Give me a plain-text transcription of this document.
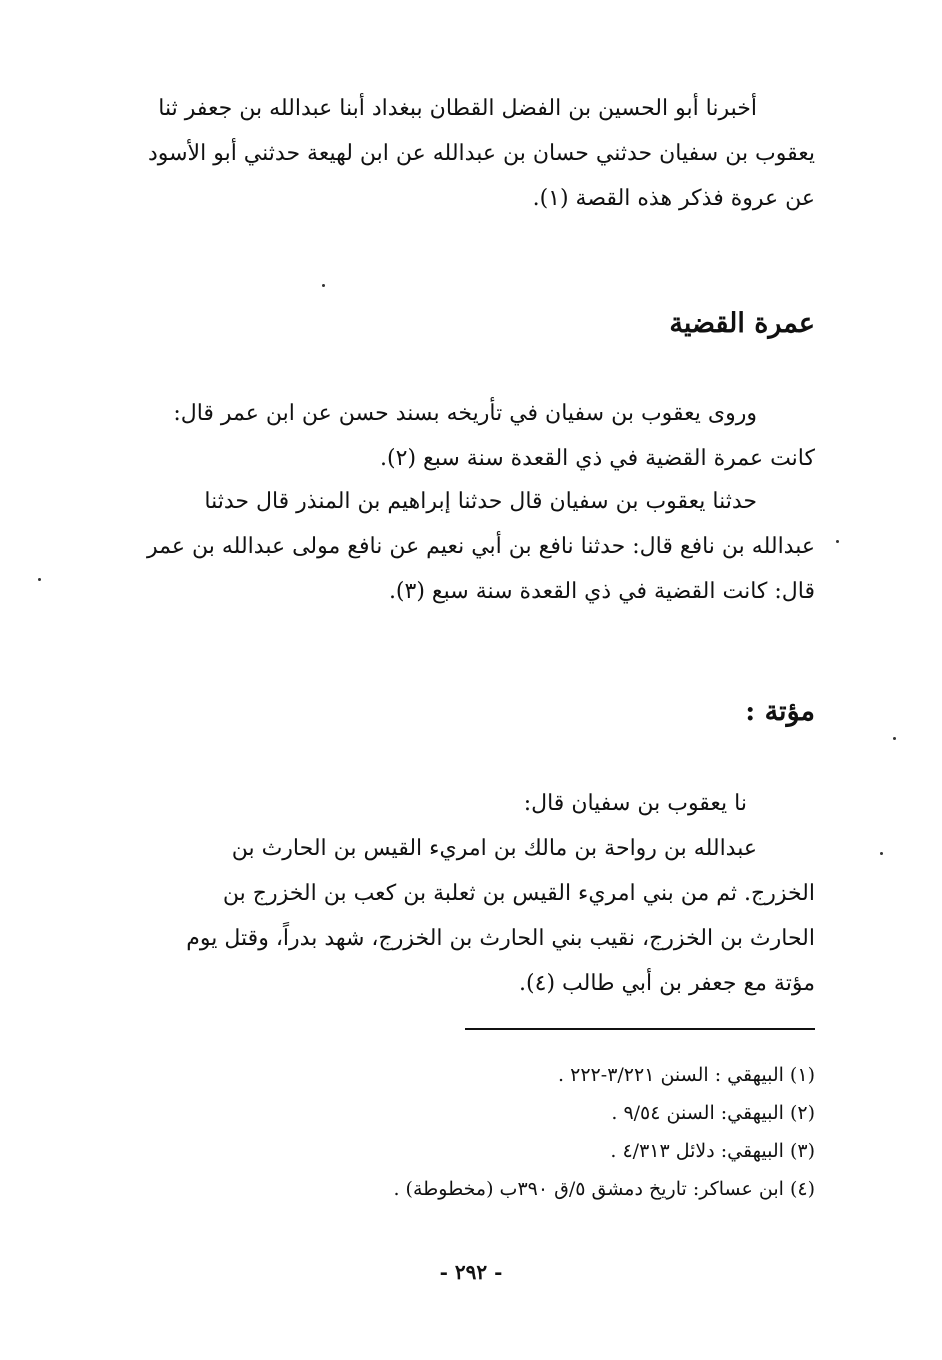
أخبرنا أبو الحسين بن الفضل القطان ببغداد أبنا عبدالله بن جعفر ثنا
يعقوب بن سفيان حدثني حسان بن عبدالله عن ابن لهيعة حدثني أبو الأسود
عن عروة فذكر هذه القصة (١).

عمرة القضية

وروى يعقوب بن سفيان في تأريخه بسند حسن عن ابن عمر قال:
كانت عمرة القضية في ذي القعدة سنة سبع (٢).

حدثنا يعقوب بن سفيان قال حدثنا إبراهيم بن المنذر قال حدثنا
عبدالله بن نافع قال: حدثنا نافع بن أبي نعيم عن نافع مولى عبدالله بن عمر
قال: كانت القضية في ذي القعدة سنة سبع (٣).

مؤتة :

نا يعقوب بن سفيان قال:

عبدالله بن رواحة بن مالك بن امريء القيس بن الحارث بن
الخزرج. ثم من بني امريء القيس بن ثعلبة بن كعب بن الخزرج بن
الحارث بن الخزرج، نقيب بني الحارث بن الخزرج، شهد بدراً، وقتل يوم
مؤتة مع جعفر بن أبي طالب (٤).

(١) البيهقي : السنن ٣/٢٢١-٢٢٢ .

(٢) البيهقي: السنن ٩/٥٤ .

(٣) البيهقي: دلائل ٤/٣١٣ .

(٤) ابن عساكر: تاريخ دمشق ٥/ق ٣٩٠ب (مخطوطة) .

- ٢٩٢ -
